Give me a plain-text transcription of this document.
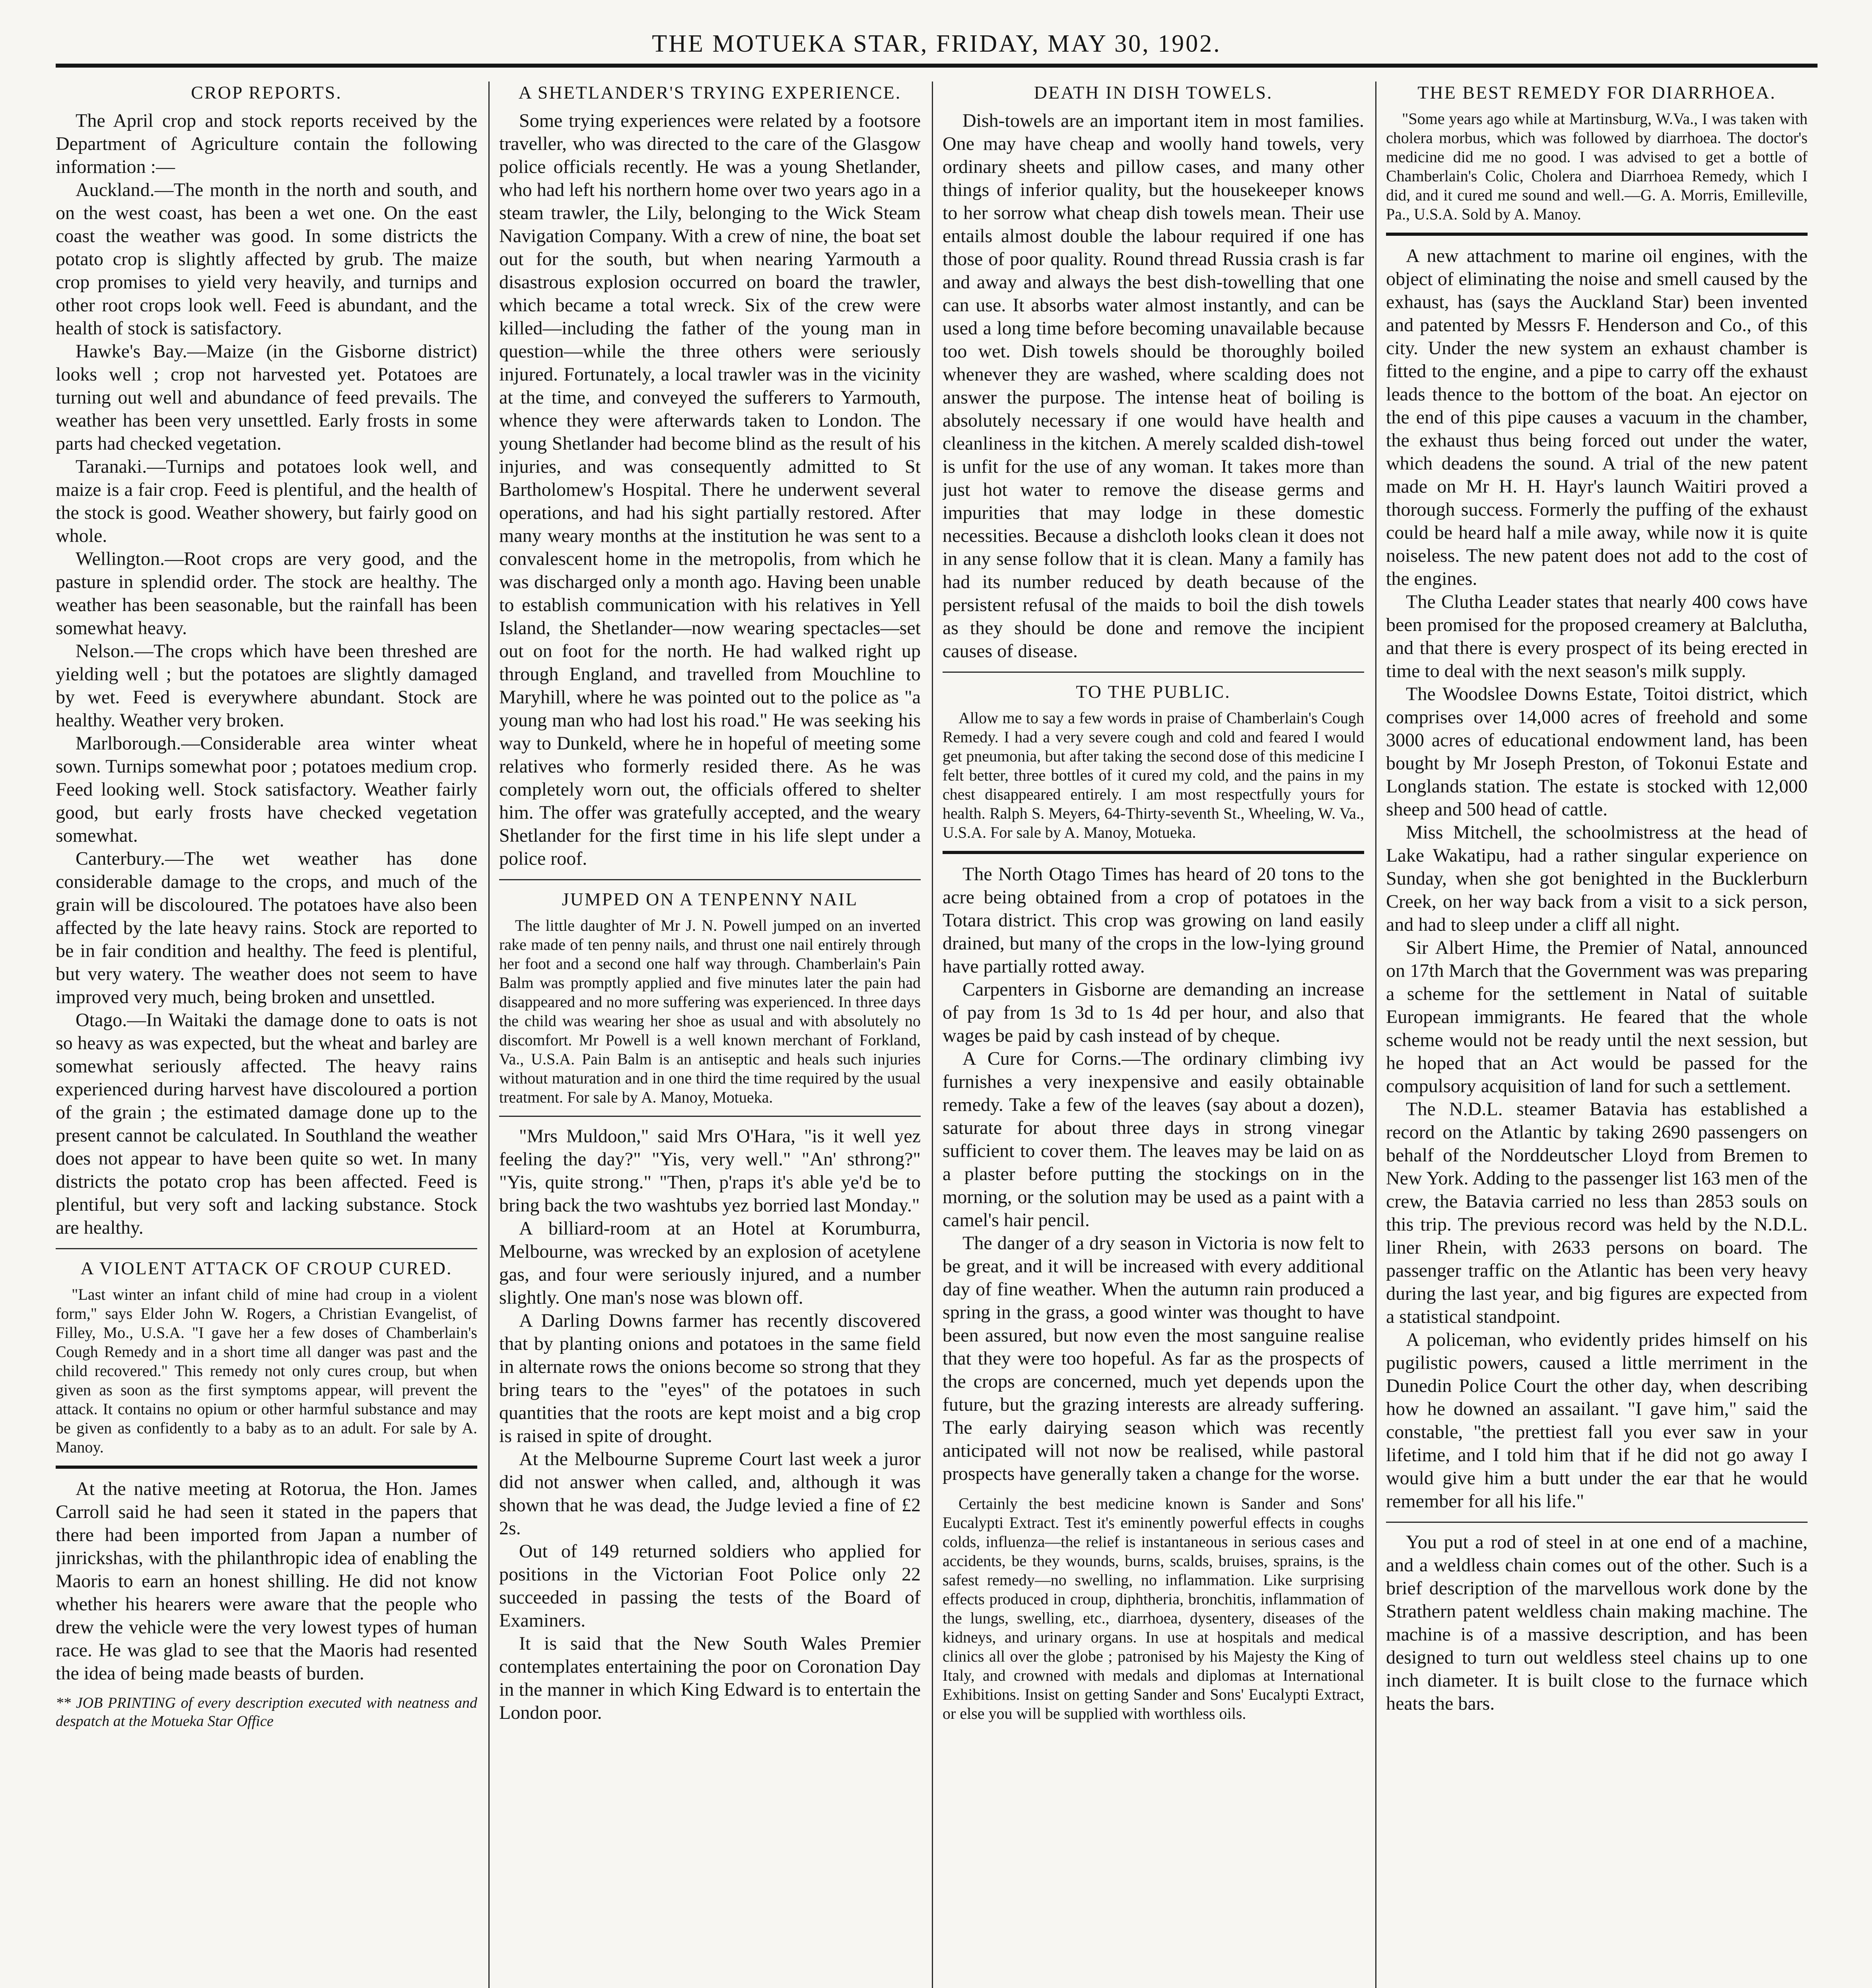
THE MOTUEKA STAR, FRIDAY, MAY 30, 1902.
CROP REPORTS.

The April crop and stock reports received by the Department of Agriculture contain the following information :—

Auckland.—The month in the north and south, and on the west coast, has been a wet one. On the east coast the weather was good. In some districts the potato crop is slightly affected by grub. The maize crop promises to yield very heavily, and turnips and other root crops look well. Feed is abundant, and the health of stock is satisfactory.

Hawke's Bay.—Maize (in the Gisborne district) looks well ; crop not harvested yet. Potatoes are turning out well and abundance of feed prevails. The weather has been very unsettled. Early frosts in some parts had checked vegetation.

Taranaki.—Turnips and potatoes look well, and maize is a fair crop. Feed is plentiful, and the health of the stock is good. Weather showery, but fairly good on whole.

Wellington.—Root crops are very good, and the pasture in splendid order. The stock are healthy. The weather has been seasonable, but the rainfall has been somewhat heavy.

Nelson.—The crops which have been threshed are yielding well ; but the potatoes are slightly damaged by wet. Feed is everywhere abundant. Stock are healthy. Weather very broken.

Marlborough.—Considerable area winter wheat sown. Turnips somewhat poor ; potatoes medium crop. Feed looking well. Stock satisfactory. Weather fairly good, but early frosts have checked vegetation somewhat.

Canterbury.—The wet weather has done considerable damage to the crops, and much of the grain will be discoloured. The potatoes have also been affected by the late heavy rains. Stock are reported to be in fair condition and healthy. The feed is plentiful, but very watery. The weather does not seem to have improved very much, being broken and unsettled.

Otago.—In Waitaki the damage done to oats is not so heavy as was expected, but the wheat and barley are somewhat seriously affected. The heavy rains experienced during harvest have discoloured a portion of the grain ; the estimated damage done up to the present cannot be calculated. In Southland the weather does not appear to have been quite so wet. In many districts the potato crop has been affected. Feed is plentiful, but very soft and lacking substance. Stock are healthy.

A VIOLENT ATTACK OF CROUP CURED.

"Last winter an infant child of mine had croup in a violent form," says Elder John W. Rogers, a Christian Evangelist, of Filley, Mo., U.S.A. "I gave her a few doses of Chamberlain's Cough Remedy and in a short time all danger was past and the child recovered." This remedy not only cures croup, but when given as soon as the first symptoms appear, will prevent the attack. It contains no opium or other harmful substance and may be given as confidently to a baby as to an adult. For sale by A. Manoy.

At the native meeting at Rotorua, the Hon. James Carroll said he had seen it stated in the papers that there had been imported from Japan a number of jinrickshas, with the philanthropic idea of enabling the Maoris to earn an honest shilling. He did not know whether his hearers were aware that the people who drew the vehicle were the very lowest types of human race. He was glad to see that the Maoris had resented the idea of being made beasts of burden.

** JOB PRINTING of every description executed with neatness and despatch at the Motueka Star Office
A SHETLANDER'S TRYING EXPERIENCE.

Some trying experiences were related by a footsore traveller, who was directed to the care of the Glasgow police officials recently. He was a young Shetlander, who had left his northern home over two years ago in a steam trawler, the Lily, belonging to the Wick Steam Navigation Company. With a crew of nine, the boat set out for the south, but when nearing Yarmouth a disastrous explosion occurred on board the trawler, which became a total wreck. Six of the crew were killed—including the father of the young man in question—while the three others were seriously injured. Fortunately, a local trawler was in the vicinity at the time, and conveyed the sufferers to Yarmouth, whence they were afterwards taken to London. The young Shetlander had become blind as the result of his injuries, and was consequently admitted to St Bartholomew's Hospital. There he underwent several operations, and had his sight partially restored. After many weary months at the institution he was sent to a convalescent home in the metropolis, from which he was discharged only a month ago. Having been unable to establish communication with his relatives in Yell Island, the Shetlander—now wearing spectacles—set out on foot for the north. He had walked right up through England, and travelled from Mouchline to Maryhill, where he was pointed out to the police as "a young man who had lost his road." He was seeking his way to Dunkeld, where he in hopeful of meeting some relatives who formerly resided there. As he was completely worn out, the officials offered to shelter him. The offer was gratefully accepted, and the weary Shetlander for the first time in his life slept under a police roof.

JUMPED ON A TENPENNY NAIL

The little daughter of Mr J. N. Powell jumped on an inverted rake made of ten penny nails, and thrust one nail entirely through her foot and a second one half way through. Chamberlain's Pain Balm was promptly applied and five minutes later the pain had disappeared and no more suffering was experienced. In three days the child was wearing her shoe as usual and with absolutely no discomfort. Mr Powell is a well known merchant of Forkland, Va., U.S.A. Pain Balm is an antiseptic and heals such injuries without maturation and in one third the time required by the usual treatment. For sale by A. Manoy, Motueka.

"Mrs Muldoon," said Mrs O'Hara, "is it well yez feeling the day?" "Yis, very well." "An' sthrong?" "Yis, quite strong." "Then, p'raps it's able ye'd be to bring back the two washtubs yez borried last Monday."

A billiard-room at an Hotel at Korumburra, Melbourne, was wrecked by an explosion of acetylene gas, and four were seriously injured, and a number slightly. One man's nose was blown off.

A Darling Downs farmer has recently discovered that by planting onions and potatoes in the same field in alternate rows the onions become so strong that they bring tears to the "eyes" of the potatoes in such quantities that the roots are kept moist and a big crop is raised in spite of drought.

At the Melbourne Supreme Court last week a juror did not answer when called, and, although it was shown that he was dead, the Judge levied a fine of £2 2s.

Out of 149 returned soldiers who applied for positions in the Victorian Foot Police only 22 succeeded in passing the tests of the Board of Examiners.

It is said that the New South Wales Premier contemplates entertaining the poor on Coronation Day in the manner in which King Edward is to entertain the London poor.

DEATH IN DISH TOWELS.

Dish-towels are an important item in most families. One may have cheap and woolly hand towels, very ordinary sheets and pillow cases, and many other things of inferior quality, but the housekeeper knows to her sorrow what cheap dish towels mean. Their use entails almost double the labour required if one has those of poor quality. Round thread Russia crash is far and away and always the best dish-towelling that one can use. It absorbs water almost instantly, and can be used a long time before becoming unavailable because too wet. Dish towels should be thoroughly boiled whenever they are washed, where scalding does not answer the purpose. The intense heat of boiling is absolutely necessary if one would have health and cleanliness in the kitchen. A merely scalded dish-towel is unfit for the use of any woman. It takes more than just hot water to remove the disease germs and impurities that may lodge in these domestic necessities. Because a dishcloth looks clean it does not in any sense follow that it is clean. Many a family has had its number reduced by death because of the persistent refusal of the maids to boil the dish towels as they should be done and remove the incipient causes of disease.

TO THE PUBLIC.

Allow me to say a few words in praise of Chamberlain's Cough Remedy. I had a very severe cough and cold and feared I would get pneumonia, but after taking the second dose of this medicine I felt better, three bottles of it cured my cold, and the pains in my chest disappeared entirely. I am most respectfully yours for health. Ralph S. Meyers, 64-Thirty-seventh St., Wheeling, W. Va., U.S.A. For sale by A. Manoy, Motueka.

The North Otago Times has heard of 20 tons to the acre being obtained from a crop of potatoes in the Totara district. This crop was growing on land easily drained, but many of the crops in the low-lying ground have partially rotted away.

Carpenters in Gisborne are demanding an increase of pay from 1s 3d to 1s 4d per hour, and also that wages be paid by cash instead of by cheque.

A Cure for Corns.—The ordinary climbing ivy furnishes a very inexpensive and easily obtainable remedy. Take a few of the leaves (say about a dozen), saturate for about three days in strong vinegar sufficient to cover them. The leaves may be laid on as a plaster before putting the stockings on in the morning, or the solution may be used as a paint with a camel's hair pencil.

The danger of a dry season in Victoria is now felt to be great, and it will be increased with every additional day of fine weather. When the autumn rain produced a spring in the grass, a good winter was thought to have been assured, but now even the most sanguine realise that they were too hopeful. As far as the prospects of the crops are concerned, much yet depends upon the future, but the grazing interests are already suffering. The early dairying season which was recently anticipated will not now be realised, while pastoral prospects have generally taken a change for the worse.

Certainly the best medicine known is Sander and Sons' Eucalypti Extract. Test it's eminently powerful effects in coughs colds, influenza—the relief is instantaneous in serious cases and accidents, be they wounds, burns, scalds, bruises, sprains, is the safest remedy—no swelling, no inflammation. Like surprising effects produced in croup, diphtheria, bronchitis, inflammation of the lungs, swelling, etc., diarrhoea, dysentery, diseases of the kidneys, and urinary organs. In use at hospitals and medical clinics all over the globe ; patronised by his Majesty the King of Italy, and crowned with medals and diplomas at International Exhibitions. Insist on getting Sander and Sons' Eucalypti Extract, or else you will be supplied with worthless oils.

THE BEST REMEDY FOR DIARRHOEA.

"Some years ago while at Martinsburg, W.Va., I was taken with cholera morbus, which was followed by diarrhoea. The doctor's medicine did me no good. I was advised to get a bottle of Chamberlain's Colic, Cholera and Diarrhoea Remedy, which I did, and it cured me sound and well.—G. A. Morris, Emilleville, Pa., U.S.A. Sold by A. Manoy.

A new attachment to marine oil engines, with the object of eliminating the noise and smell caused by the exhaust, has (says the Auckland Star) been invented and patented by Messrs F. Henderson and Co., of this city. Under the new system an exhaust chamber is fitted to the engine, and a pipe to carry off the exhaust leads thence to the bottom of the boat. An ejector on the end of this pipe causes a vacuum in the chamber, the exhaust thus being forced out under the water, which deadens the sound. A trial of the new patent made on Mr H. H. Hayr's launch Waitiri proved a thorough success. Formerly the puffing of the exhaust could be heard half a mile away, while now it is quite noiseless. The new patent does not add to the cost of the engines.

The Clutha Leader states that nearly 400 cows have been promised for the proposed creamery at Balclutha, and that there is every prospect of its being erected in time to deal with the next season's milk supply.

The Woodslee Downs Estate, Toitoi district, which comprises over 14,000 acres of freehold and some 3000 acres of educational endowment land, has been bought by Mr Joseph Preston, of Tokonui Estate and Longlands station. The estate is stocked with 12,000 sheep and 500 head of cattle.

Miss Mitchell, the schoolmistress at the head of Lake Wakatipu, had a rather singular experience on Sunday, when she got benighted in the Bucklerburn Creek, on her way back from a visit to a sick person, and had to sleep under a cliff all night.

Sir Albert Hime, the Premier of Natal, announced on 17th March that the Government was was preparing a scheme for the settlement in Natal of suitable European immigrants. He feared that the whole scheme would not be ready until the next session, but he hoped that an Act would be passed for the compulsory acquisition of land for such a settlement.

The N.D.L. steamer Batavia has established a record on the Atlantic by taking 2690 passengers on behalf of the Norddeutscher Lloyd from Bremen to New York. Adding to the passenger list 163 men of the crew, the Batavia carried no less than 2853 souls on this trip. The previous record was held by the N.D.L. liner Rhein, with 2633 persons on board. The passenger traffic on the Atlantic has been very heavy during the last year, and big figures are expected from a statistical standpoint.

A policeman, who evidently prides himself on his pugilistic powers, caused a little merriment in the Dunedin Police Court the other day, when describing how he downed an assailant. "I gave him," said the constable, "the prettiest fall you ever saw in your lifetime, and I told him that if he did not go away I would give him a butt under the ear that he would remember for all his life."

You put a rod of steel in at one end of a machine, and a weldless chain comes out of the other. Such is a brief description of the marvellous work done by the Strathern patent weldless chain making machine. The machine is of a massive description, and has been designed to turn out weldless steel chains up to one inch diameter. It is built close to the furnace which heats the bars.
